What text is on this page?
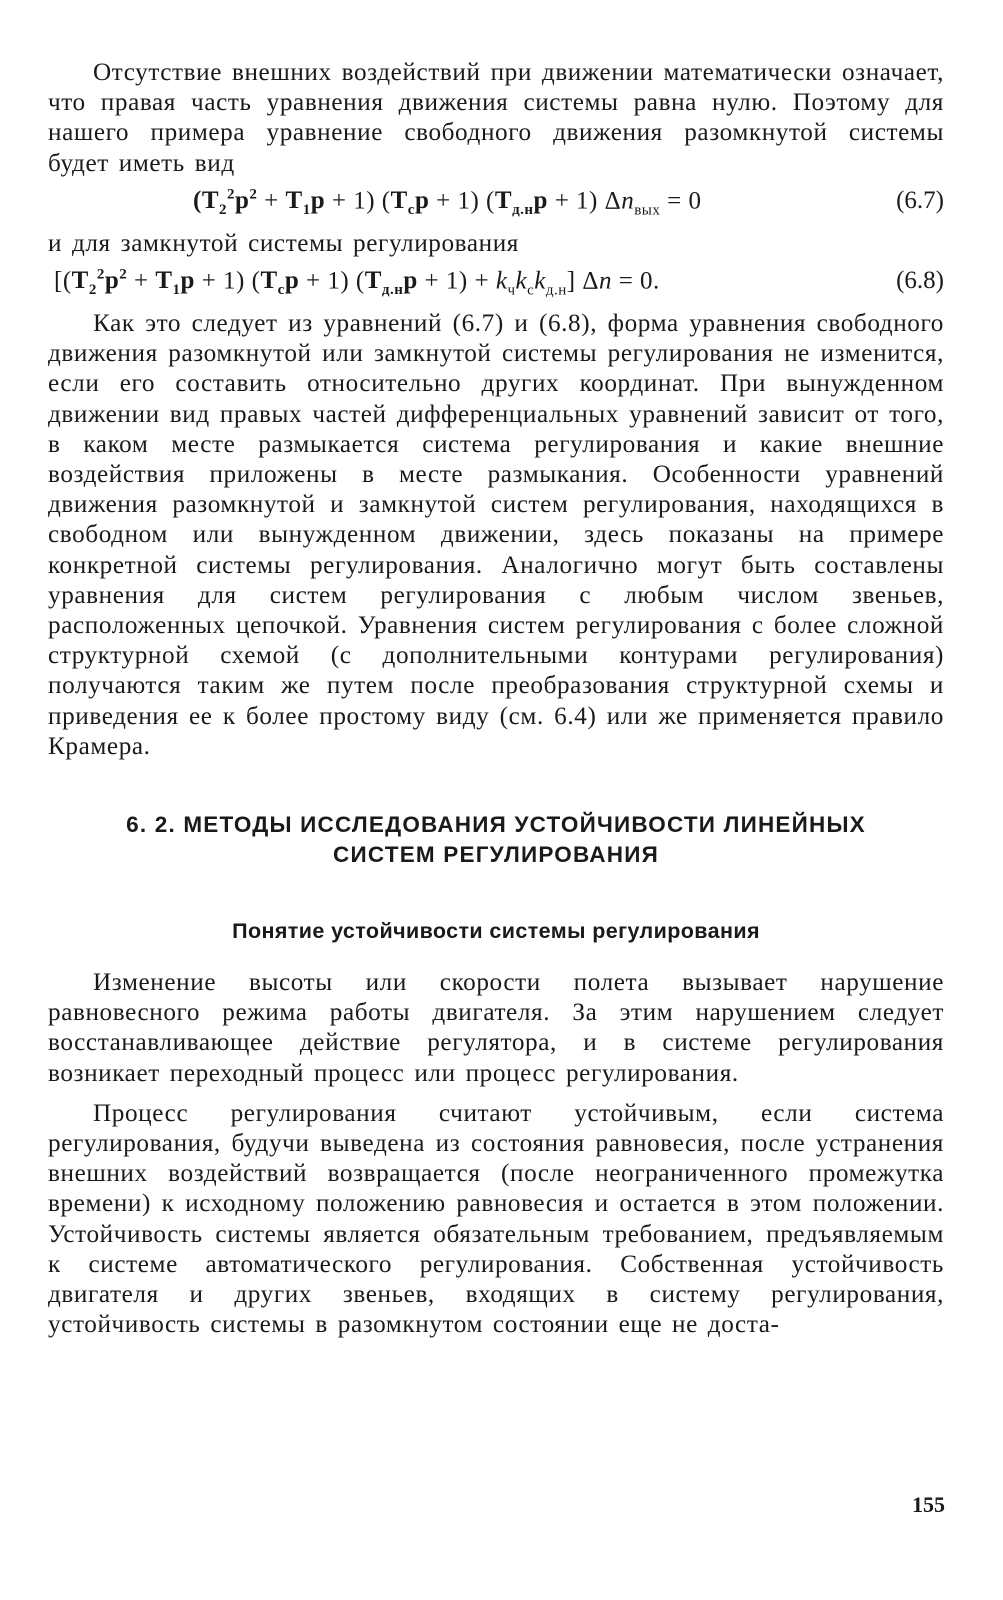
Отсутствие внешних воздействий при движении математически означает, что правая часть уравнения движения системы равна нулю. Поэтому для нашего примера уравнение свободного движения разомкнутой системы будет иметь вид

$(T_2^2p^2 + T_1p + 1) (T_cp + 1) (T_{д.н}p + 1) \Delta n_{вых} = 0$	(6.7)

и для замкнутой системы регулирования

$[(T_2^2p^2 + T_1p + 1) (T_cp + 1) (T_{д.н}p + 1) + k_чk_ck_{д.н}] \Delta n = 0$.	(6.8)

Как это следует из уравнений (6.7) и (6.8), форма уравнения свободного движения разомкнутой или замкнутой системы регулирования не изменится, если его составить относительно других координат. При вынужденном движении вид правых частей дифференциальных уравнений зависит от того, в каком месте размыкается система регулирования и какие внешние воздействия приложены в месте размыкания. Особенности уравнений движения разомкнутой и замкнутой систем регулирования, находящихся в свободном или вынужденном движении, здесь показаны на примере конкретной системы регулирования. Аналогично могут быть составлены уравнения для систем регулирования с любым числом звеньев, расположенных цепочкой. Уравнения систем регулирования с более сложной структурной схемой (с дополнительными контурами регулирования) получаются таким же путем после преобразования структурной схемы и приведения ее к более простому виду (см. 6.4) или же применяется правило Крамера.

6. 2. МЕТОДЫ ИССЛЕДОВАНИЯ УСТОЙЧИВОСТИ ЛИНЕЙНЫХ

СИСТЕМ РЕГУЛИРОВАНИЯ

Понятие устойчивости системы регулирования

Изменение высоты или скорости полета вызывает нарушение равновесного режима работы двигателя. За этим нарушением следует восстанавливающее действие регулятора, и в системе регулирования возникает переходный процесс или процесс регулирования.

Процесс регулирования считают устойчивым, если система регулирования, будучи выведена из состояния равновесия, после устранения внешних воздействий возвращается (после неограниченного промежутка времени) к исходному положению равновесия и остается в этом положении. Устойчивость системы является обязательным требованием, предъявляемым к системе автоматического регулирования. Собственная устойчивость двигателя и других звеньев, входящих в систему регулирования, устойчивость системы в разомкнутом состоянии еще не доста-

155
